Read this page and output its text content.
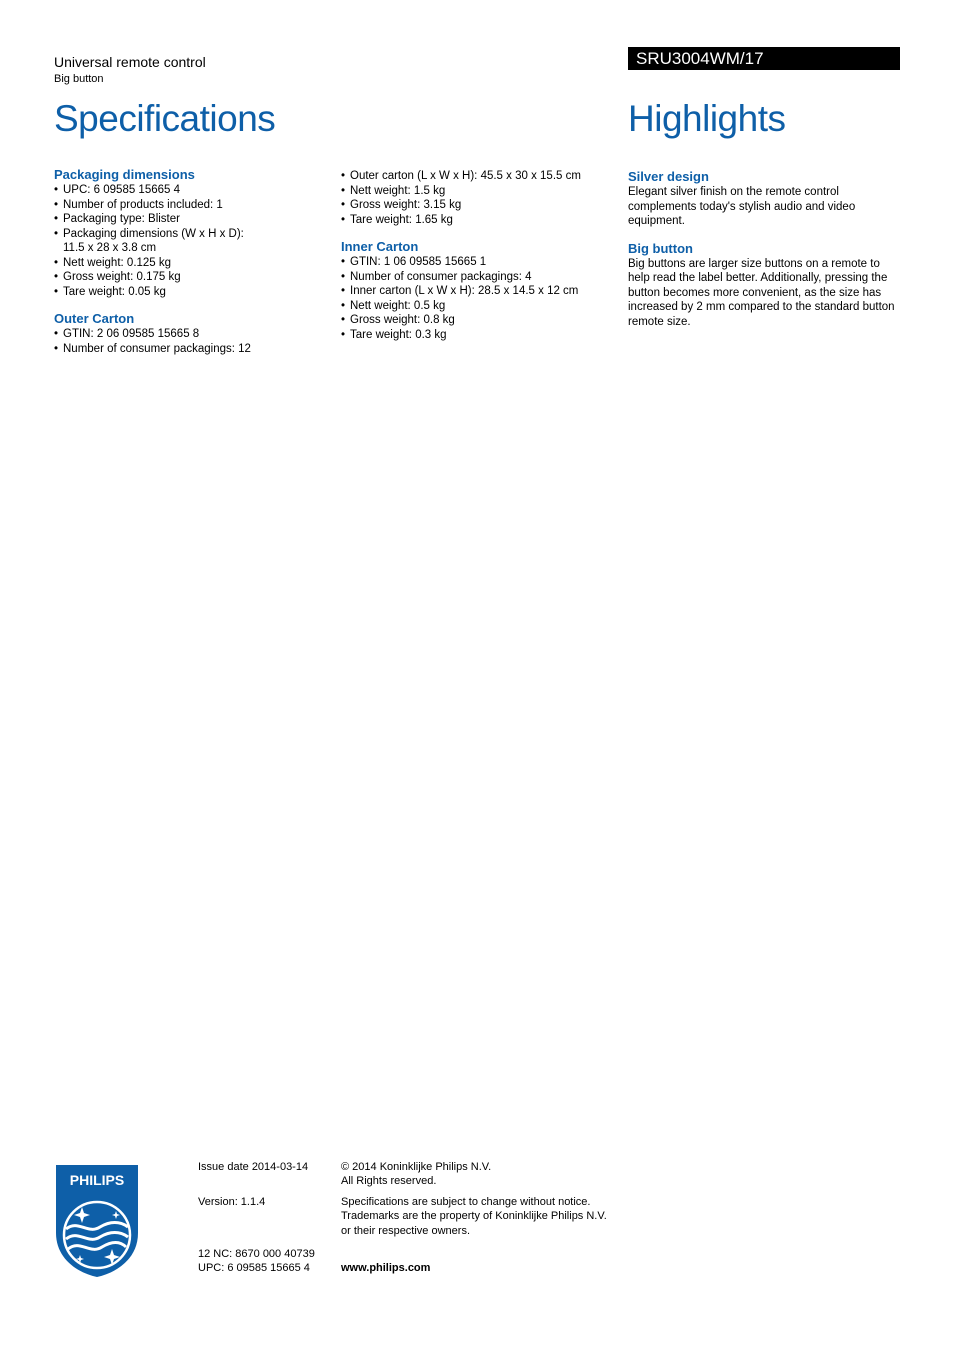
Universal remote control
Big button
SRU3004WM/17
Specifications	Highlights

Packaging dimensions

• UPC: 6 09585 15665 4
• Number of products included: 1
• Packaging type: Blister
• Packaging dimensions (W x H x D): 11.5 x 28 x 3.8 cm
• Nett weight: 0.125 kg
• Gross weight: 0.175 kg
• Tare weight: 0.05 kg

Outer Carton

• GTIN: 2 06 09585 15665 8
• Number of consumer packagings: 12
• Outer carton (L x W x H): 45.5 x 30 x 15.5 cm
• Nett weight: 1.5 kg
• Gross weight: 3.15 kg
• Tare weight: 1.65 kg

Inner Carton

• GTIN: 1 06 09585 15665 1
• Number of consumer packagings: 4
• Inner carton (L x W x H): 28.5 x 14.5 x 12 cm
• Nett weight: 0.5 kg
• Gross weight: 0.8 kg
• Tare weight: 0.3 kg

Silver design

Elegant silver finish on the remote control complements today's stylish audio and video equipment.

Big button

Big buttons are larger size buttons on a remote to help read the label better. Additionally, pressing the button becomes more convenient, as the size has increased by 2 mm compared to the standard button remote size.

PHILIPS
Issue date 2014-03-14
Version: 1.1.4
12 NC: 8670 000 40739
UPC: 6 09585 15665 4
© 2014 Koninklijke Philips N.V.
All Rights reserved.
Specifications are subject to change without notice.
Trademarks are the property of Koninklijke Philips N.V.
or their respective owners.
www.philips.com
